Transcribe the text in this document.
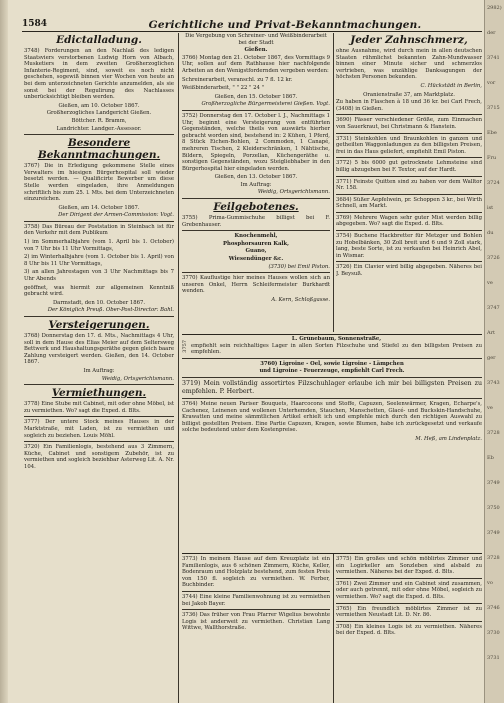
2982)
der
3741
vor
3715
Ebe
Fru
3724
ist
du
3726
ve
3747
Art
ger
3743
ve
3728
Eb
3749
3750
3749
3728
vo
3746
3730
3731
1584	Gerichtliche und Privat-Bekanntmachungen.
Edictalladung.

3748) Forderungen an den Nachlaß des ledigen Staatsviers verstorbenen Ludwig Horn von Albach, Musketiers in dem zweiten Großherzoglichen Infanterie-Regiment, sind, soweit es noch nicht geschehen, sogewiß binnen vier Wochen von heute an bei dem unterzeichneten Gerichte anzumelden, als sie sonst bei der Regulirung des Nachlasses unberücksichtigt bleiben werden.

Gießen, am 10. October 1867.

Großherzogliches Landgericht Gießen.

Böttcher. R. Bramm,

Landrichter. Landger.-Assessor.

Besondere Bekanntmachungen.

3767) Die in Erledigung gekommene Stelle eines Verwalters im hiesigen Bürgerhospital soll wieder besetzt werden. — Qualificirte Bewerber um diese Stelle werden eingeladen, ihre Anmeldungen schriftlich bis zum 25. l. Mts. bei dem Unterzeichneten einzureichen.

Gießen, am 14. October 1867.

Der Dirigent der Armen-Commission: Vogt.

3758) Das Büreau der Poststation in Steinbach ist für den Verkehr mit dem Publikum

1) im Sommerhalbjahre (vom 1. April bis 1. October) von 7 Uhr bis 11 Uhr Vormittags,

2) im Winterhalbjahre (vom 1. October bis 1. April) von 8 Uhr bis 11 Uhr Vormittags,

3) an allen Jahrestagen von 3 Uhr Nachmittags bis 7 Uhr Abends

geöffnet, was hiermit zur allgemeinen Kenntniß gebracht wird.

Darmstadt, den 10. October 1867.

Der Königlich Preuß. Ober-Post-Director: Bahl.

Versteigerungen.

3768) Donnerstag den 17. d. Mts., Nachmittags 4 Uhr, soll in dem Hause des Elias Meier auf dem Seltersweg Bettwerk und Haushaltungsgeräthe gegen gleich baare Zahlung versteigert werden. Gießen, den 14. October 1867.

Im Auftrag:

Weidig, Ortsgerichtsmann.

Vermiethungen.

3778) Eine Stube mit Cabinet, mit oder ohne Möbel, ist zu vermiethen. Wo? sagt die Exped. d. Blts.

3777) Der untere Stock meines Hauses in der Marktstraße, mit Laden, ist zu vermiethen und sogleich zu beziehen. Louis Möhl.

3720) Ein Familienlogis, bestehend aus 3 Zimmern, Küche, Cabinet und sonstigem Zubehör, ist zu vermiethen und sogleich beziehbar Asterweg Lit. A. Nr. 104.

Die Vergebung von Schreiner- und Weißbinderarbeit bei der Stadt

Gießen.

3766) Montag den 21. October 1867, des Vormittags 9 Uhr, sollen auf dem Rathhause hier nachfolgende Arbeiten an den Wenigstfordernden vergeben werden:

Schreinerarbeit, veranschl. zu 7 fl. 12 kr.

Weißbinderarbeit, " " 22 " 24 "

Gießen, den 15. October 1867.

Großherzogliche Bürgermeisterei Gießen. Vogt.

3752) Donnerstag den 17. October l. J., Nachmittags 1 Uhr, beginnt eine Versteigerung von entführten Gegenständen, welche theils von auswärts hierher gebracht worden sind, bestehend in: 2 Kühen, 1 Pferd, 8 Stück Eichen-Bohlen, 2 Commoden, 1 Canapé, mehreren Tischen, 2 Kleiderschränken, 1 Nähtische, Bildern, Spiegeln, Porzellan, Küchengeräthe u. sonstigen Gegenständen, wozu Steigliebhaber in den Bürgerhospital hier eingeladen werden.

Gießen, den 13. October 1867.

Im Auftrag:

Weidig, Ortsgerichtsmann.

Feilgebotenes.

3755) Prima-Gummischuhe billigst bei F. Grebenhauser.

Knochenmehl,

Phosphorsauren Kalk,

Guano,

Wiesendünger &c.

(3730) bei Emil Piston.

3770) Kauflustige hier meines Hauses wollen sich an unseren Onkel, Herrn Schleifermeister Burkhardt wenden.

A. Kern, Schloßgasse.

Jeder Zahnschmerz,

ohne Ausnahme, wird durch mein in allen deutschen Staaten rühmlichst bekannten Zahn-Mundwasser binnen einer Minute sicher und schmerzlos vertrieben, was unzählige Danksagungen der höchsten Personen bekunden.

C. Hückstädt in Berlin,

Oranienstraße 37, am Marktplatz.

Zu haben in Flaschen à 18 und 36 kr. bei Carl Frech, (3408) in Gießen.

3690) Fässer verschiedener Größe, zum Einmachen von Sauerkraut, bei Christmann & Hanstein.

3731) Steinkohlen und Braunkohlen in ganzen und getheilten Waggonladungen zu den billigsten Preisen, frei in das Haus geliefert, empfiehlt Emil Piston.

3772) 5 bis 6000 gut getrocknete Lehmsteine sind billig abzugeben bei F. Textor, auf der Hardt.

3771) Feinste Quitten sind zu haben vor dem Walltor Nr. 158.

3684) Süßer Aepfelwein, pr. Schoppen 3 kr., bei Wirth Schnell, am Markt.

3769) Mehrere Wagen sehr guter Mist werden billig abgegeben. Wo? sagt die Exped. d. Blts.

3754) Buchene Hackbretter für Metzger und Bohlen zu Hobelbänken, 30 Zoll breit und 6 und 9 Zoll stark, lang, beste Sorte, ist zu verkaufen bei Heinrich Abel, in Wismar.

3726) Ein Clavier wird billig abgegeben. Näheres bei J. Beysuß.

3757

L. Grünebaum, Sonnenstraße,

empfiehlt sein reichhaltiges Lager in allen Sorten Filzschuhe und Stiefel zu den billigsten Preisen zu empfehlen.

3760) Ligroine - Oel, sowie Ligroine - Lämpchen

und Ligroine - Feuerzeuge, empfiehlt Carl Frech.

3719) Mein vollständig assortirtes Filzschuhlager erlaube ich mir bei billigsten Preisen zu empfehlen. P. Herbert.

3764) Meine neuen Pariser Bouquets, Haarcocons und Stoffe, Capuzen, Seelenwärmer, Kragen, Echarpe's, Cachenez, Leinenen und wollenen Unterhemden, Stauchen, Manschetten, Glacé- und Buckskin-Handschuhe, Krawatten und meine sämmtlichen Artikel erhielt ich und empfehle mich durch den richtigen Auswahl zu billigst gestellten Preisen. Eine Partie Capuzen, Kragen, sowie Blumen, habe ich zurückgesetzt und verkaufe solche bedeutend unter dem Kostenpreise.

M. Heß, am Lindenplatz.

3773) In meinem Hause auf dem Kreuzplatz ist ein Familienlogis, aus 6 schönen Zimmern, Küche, Keller, Bodenraum und Holzplatz bestehend, zum festen Preis von 150 fl. sogleich zu vermiethen. W. Ferber, Buchbinder.

3744) Eine kleine Familienwohnung ist zu vermiethen bei Jakob Bayer.

3736) Das früher von Frau Pfarrer Wigelius bewohnte Logis ist anderweit zu vermiethen. Christian Lang Wittwe, Wallthorstraße.

3775) Ein großes und schön möblirtes Zimmer und ein Logirkeller am Sonzleben sind alsbald zu vermiethen. Näheres bei der Exped. d. Blts.

3761) Zwei Zimmer und ein Cabinet sind zusammen, oder auch getrennt, mit oder ohne Möbel, sogleich zu vermiethen. Wo? sagt die Exped. d. Blts.

3765) Ein freundlich möblirtes Zimmer ist zu vermiethen Neustadt Lit. D. Nr. 86.

3708) Ein kleines Logis ist zu vermiethen. Näheres bei der Exped. d. Blts.
